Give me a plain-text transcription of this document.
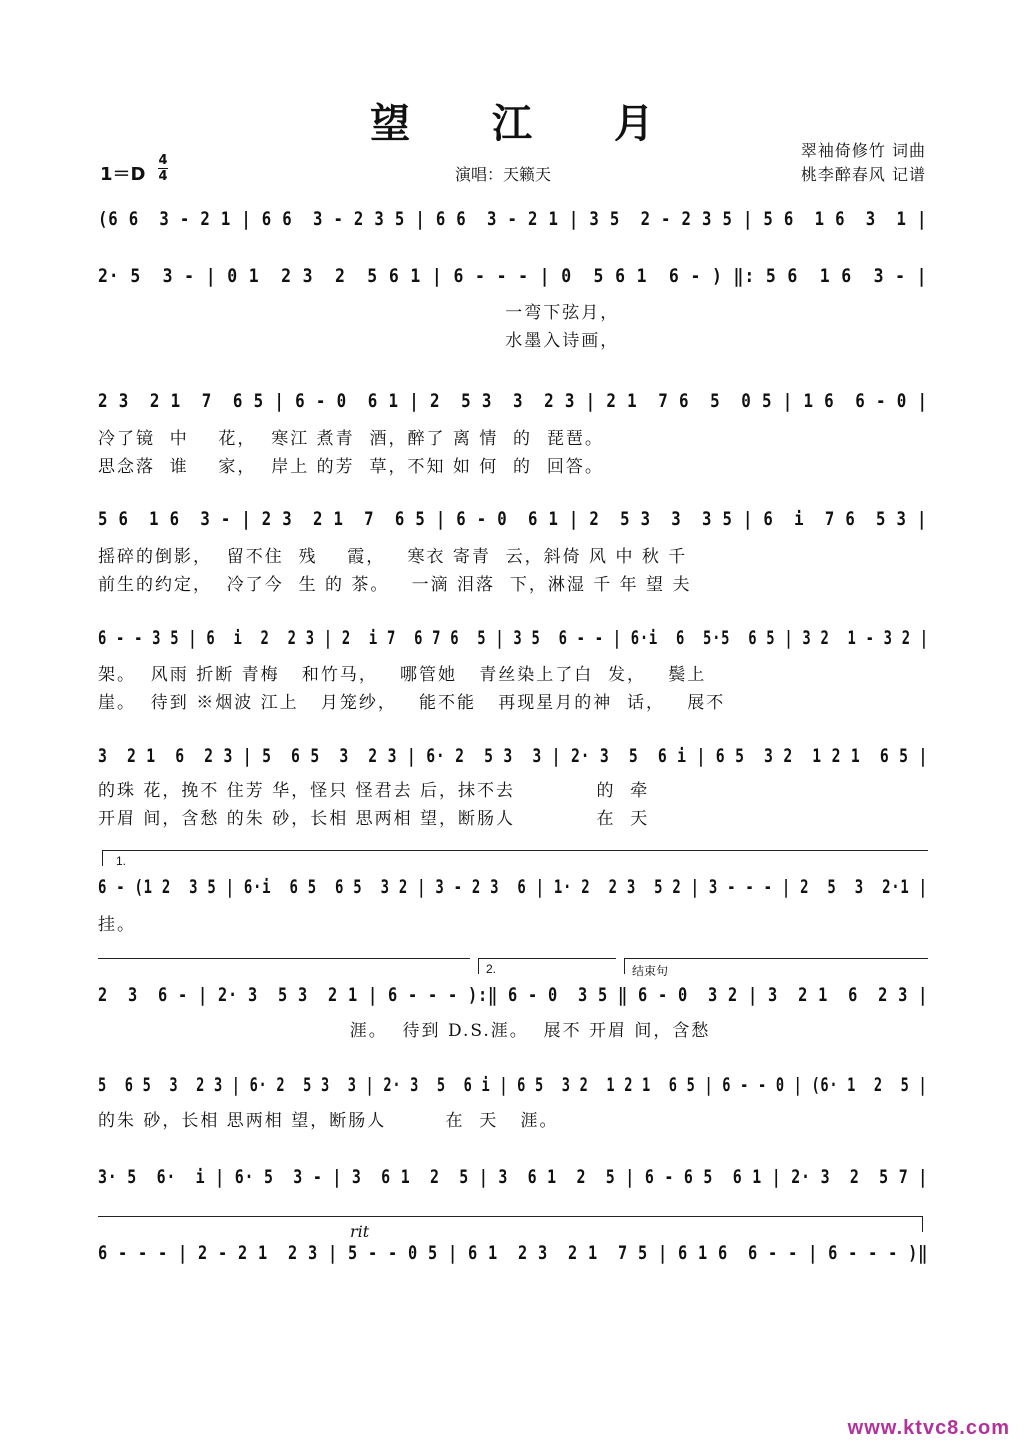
望 江 月
翠袖倚修竹 词曲
桃李醉春风 记谱
1＝D
4
4	演唱：天籁天
(6 6  3 - 2 1 | 6 6  3 - 2 3 5 | 6 6  3 - 2 1 | 3 5  2 - 2 3 5 | 5 6  1 6  3  1 |
2· 5  3 - | 0 1  2 3  2  5 6 1 | 6 - - - | 0  5 6 1  6 - ) ‖: 5 6  1 6  3 - |
一弯下弦月，
水墨入诗画，
2 3  2 1  7  6 5 | 6 - 0  6 1 | 2  5 3  3  2 3 | 2 1  7 6  5  0 5 | 1 6  6 - 0 |
冷了镜  中    花，  寒江 煮青  酒，醉了 离 情  的  琵琶。
思念落  谁    家，  岸上 的芳  草，不知 如 何  的  回答。
5 6  1 6  3 - | 2 3  2 1  7  6 5 | 6 - 0  6 1 | 2  5 3  3  3 5 | 6  i  7 6  5 3 |
摇碎的倒影，  留不住  残    霞，   寒衣 寄青  云，斜倚 风 中 秋 千
前生的约定，  冷了今  生 的 茶。   一滴 泪落  下，淋湿 千 年 望 夫
6 - - 3 5 | 6  i  2  2 3 | 2  i 7  6 7 6  5 | 3 5  6 - - | 6·i  6  5·5  6 5 | 3 2  1 - 3 2 |
架。  风雨 折断 青梅   和竹马，   哪管她   青丝染上了白  发，   鬓上
崖。  待到 ※烟波 江上   月笼纱，   能不能   再现星月的神  话，   展不
3  2 1  6  2 3 | 5  6 5  3  2 3 | 6· 2  5 3  3 | 2· 3  5  6 i | 6 5  3 2  1 2 1  6 5 |
的珠 花，挽不 住芳 华，怪只 怪君去 后，抹不去           的  牵
开眉 间，含愁 的朱 砂，长相 思两相 望，断肠人           在  天
1.
6 - (1 2  3 5 | 6·i  6 5  6 5  3 2 | 3 - 2 3  6 | 1· 2  2 3  5 2 | 3 - - - | 2  5  3  2·1 |
挂。
2.	结束句
2  3  6 - | 2· 3  5 3  2 1 | 6 - - - ):‖ 6 - 0  3 5 ‖ 6 - 0  3 2 | 3  2 1  6  2 3 |
涯。  待到 D.S.涯。  展不 开眉 间，含愁
5  6 5  3  2 3 | 6· 2  5 3  3 | 2· 3  5  6 i | 6 5  3 2  1 2 1  6 5 | 6 - - 0 | (6· 1  2  5 |
的朱 砂，长相 思两相 望，断肠人        在  天   涯。
3· 5  6·  i | 6· 5  3 - | 3  6 1  2  5 | 3  6 1  2  5 | 6 - 6 5  6 1 | 2· 3  2  5 7 |
rit
6 - - - | 2 - 2 1  2 3 | 5 - - 0 5 | 6 1  2 3  2 1  7 5 | 6 1 6  6 - - | 6 - - - )‖
www.ktvc8.com
